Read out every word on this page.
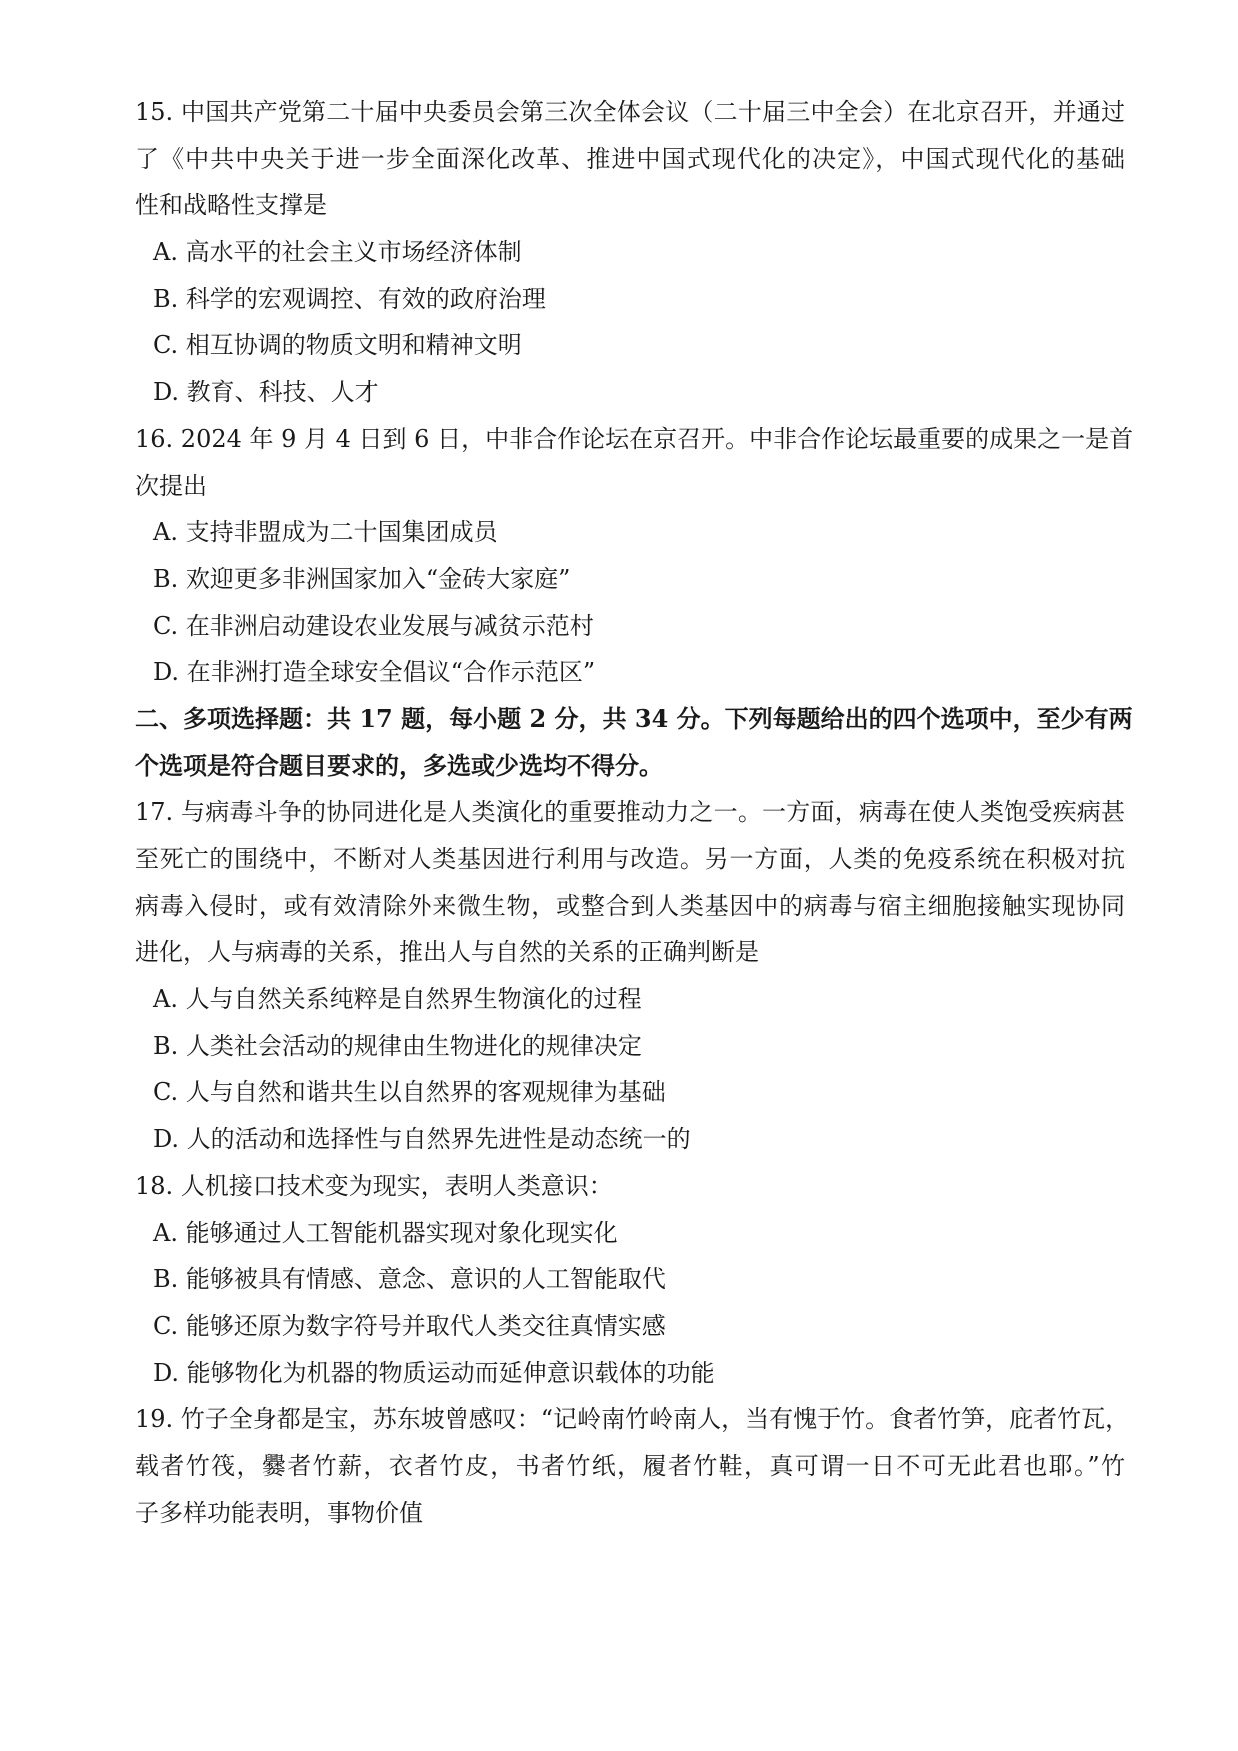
15. 中国共产党第二十届中央委员会第三次全体会议（二十届三中全会）在北京召开，并通过
了《中共中央关于进一步全面深化改革、推进中国式现代化的决定》，中国式现代化的基础
性和战略性支撑是
A. 高水平的社会主义市场经济体制
B. 科学的宏观调控、有效的政府治理
C. 相互协调的物质文明和精神文明
D. 教育、科技、人才
16. 2024 年 9 月 4 日到 6 日，中非合作论坛在京召开。中非合作论坛最重要的成果之一是首
次提出
A. 支持非盟成为二十国集团成员
B. 欢迎更多非洲国家加入“金砖大家庭”
C. 在非洲启动建设农业发展与减贫示范村
D. 在非洲打造全球安全倡议“合作示范区”
二、多项选择题：共 17 题，每小题 2 分，共 34 分。下列每题给出的四个选项中，至少有两
个选项是符合题目要求的，多选或少选均不得分。
17. 与病毒斗争的协同进化是人类演化的重要推动力之一。一方面，病毒在使人类饱受疾病甚
至死亡的围绕中，不断对人类基因进行利用与改造。另一方面，人类的免疫系统在积极对抗
病毒入侵时，或有效清除外来微生物，或整合到人类基因中的病毒与宿主细胞接触实现协同
进化，人与病毒的关系，推出人与自然的关系的正确判断是
A. 人与自然关系纯粹是自然界生物演化的过程
B. 人类社会活动的规律由生物进化的规律决定
C. 人与自然和谐共生以自然界的客观规律为基础
D. 人的活动和选择性与自然界先进性是动态统一的
18. 人机接口技术变为现实，表明人类意识：
A. 能够通过人工智能机器实现对象化现实化
B. 能够被具有情感、意念、意识的人工智能取代
C. 能够还原为数字符号并取代人类交往真情实感
D. 能够物化为机器的物质运动而延伸意识载体的功能
19. 竹子全身都是宝，苏东坡曾感叹：“记岭南竹岭南人，当有愧于竹。食者竹笋，庇者竹瓦，
载者竹筏，爨者竹薪，衣者竹皮，书者竹纸，履者竹鞋，真可谓一日不可无此君也耶。”竹
子多样功能表明，事物价值
